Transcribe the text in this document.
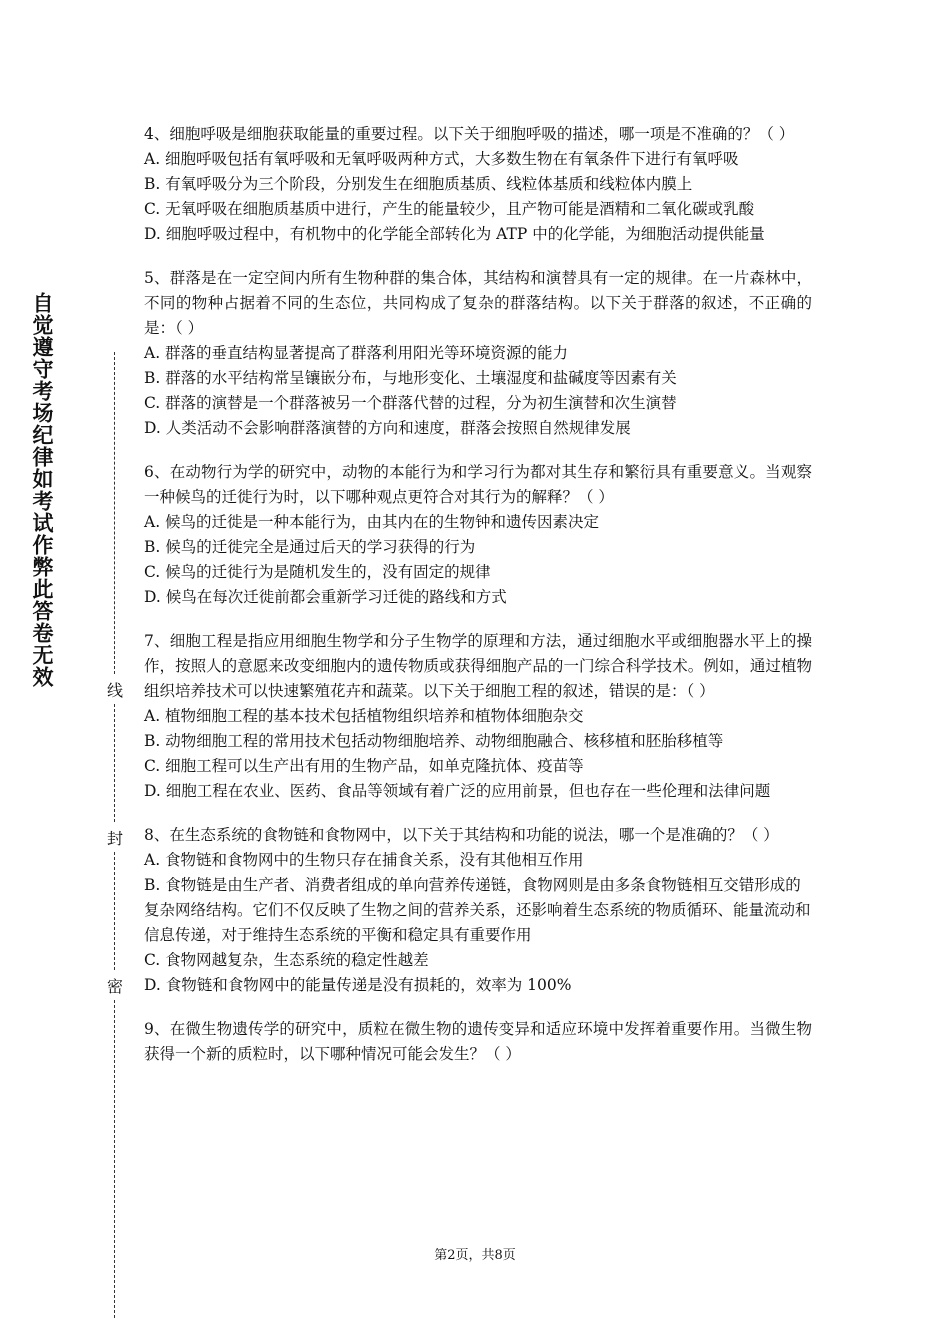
自觉遵守考场纪律如考试作弊此答卷无效
线
封
密

4、细胞呼吸是细胞获取能量的重要过程。以下关于细胞呼吸的描述，哪一项是不准确的？（ ）

A. 细胞呼吸包括有氧呼吸和无氧呼吸两种方式，大多数生物在有氧条件下进行有氧呼吸

B. 有氧呼吸分为三个阶段，分别发生在细胞质基质、线粒体基质和线粒体内膜上

C. 无氧呼吸在细胞质基质中进行，产生的能量较少，且产物可能是酒精和二氧化碳或乳酸

D. 细胞呼吸过程中，有机物中的化学能全部转化为 ATP 中的化学能，为细胞活动提供能量

5、群落是在一定空间内所有生物种群的集合体，其结构和演替具有一定的规律。在一片森林中，不同的物种占据着不同的生态位，共同构成了复杂的群落结构。以下关于群落的叙述，不正确的是：（ ）

A. 群落的垂直结构显著提高了群落利用阳光等环境资源的能力

B. 群落的水平结构常呈镶嵌分布，与地形变化、土壤湿度和盐碱度等因素有关

C. 群落的演替是一个群落被另一个群落代替的过程，分为初生演替和次生演替

D. 人类活动不会影响群落演替的方向和速度，群落会按照自然规律发展

6、在动物行为学的研究中，动物的本能行为和学习行为都对其生存和繁衍具有重要意义。当观察一种候鸟的迁徙行为时，以下哪种观点更符合对其行为的解释？（ ）

A. 候鸟的迁徙是一种本能行为，由其内在的生物钟和遗传因素决定

B. 候鸟的迁徙完全是通过后天的学习获得的行为

C. 候鸟的迁徙行为是随机发生的，没有固定的规律

D. 候鸟在每次迁徙前都会重新学习迁徙的路线和方式

7、细胞工程是指应用细胞生物学和分子生物学的原理和方法，通过细胞水平或细胞器水平上的操作，按照人的意愿来改变细胞内的遗传物质或获得细胞产品的一门综合科学技术。例如，通过植物组织培养技术可以快速繁殖花卉和蔬菜。以下关于细胞工程的叙述，错误的是：（ ）

A. 植物细胞工程的基本技术包括植物组织培养和植物体细胞杂交

B. 动物细胞工程的常用技术包括动物细胞培养、动物细胞融合、核移植和胚胎移植等

C. 细胞工程可以生产出有用的生物产品，如单克隆抗体、疫苗等

D. 细胞工程在农业、医药、食品等领域有着广泛的应用前景，但也存在一些伦理和法律问题

8、在生态系统的食物链和食物网中，以下关于其结构和功能的说法，哪一个是准确的？（ ）

A. 食物链和食物网中的生物只存在捕食关系，没有其他相互作用

B. 食物链是由生产者、消费者组成的单向营养传递链，食物网则是由多条食物链相互交错形成的复杂网络结构。它们不仅反映了生物之间的营养关系，还影响着生态系统的物质循环、能量流动和信息传递，对于维持生态系统的平衡和稳定具有重要作用

C. 食物网越复杂，生态系统的稳定性越差

D. 食物链和食物网中的能量传递是没有损耗的，效率为 100%

9、在微生物遗传学的研究中，质粒在微生物的遗传变异和适应环境中发挥着重要作用。当微生物获得一个新的质粒时，以下哪种情况可能会发生？（ ）

第2页，共8页
